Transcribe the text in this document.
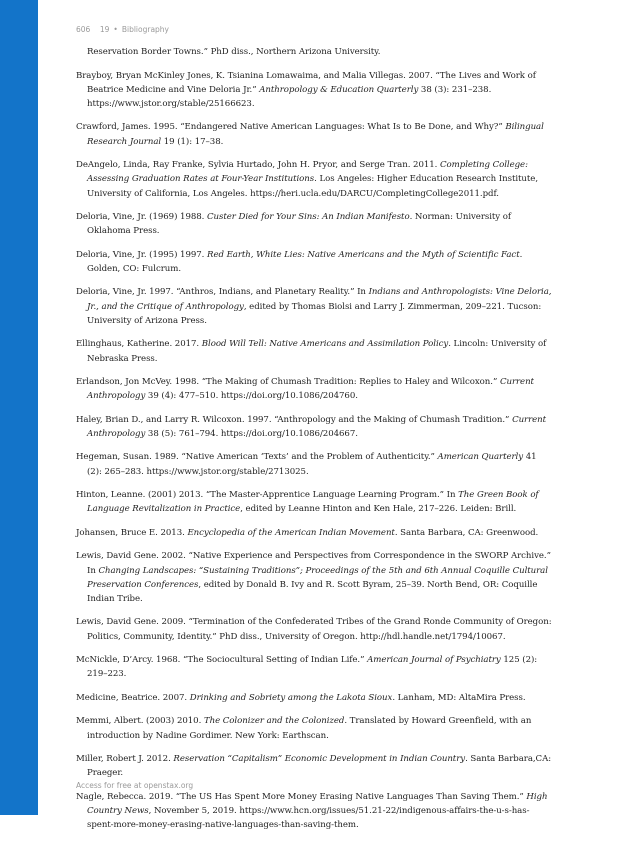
606 19 • Bibliography

Reservation Border Towns.” PhD diss., Northern Arizona University.

Brayboy, Bryan McKinley Jones, K. Tsianina Lomawaima, and Malia Villegas. 2007. “The Lives and Work of Beatrice Medicine and Vine Deloria Jr.” Anthropology & Education Quarterly 38 (3): 231–238. https://www.jstor.org/stable/25166623.

Crawford, James. 1995. “Endangered Native American Languages: What Is to Be Done, and Why?” Bilingual Research Journal 19 (1): 17–38.

DeAngelo, Linda, Ray Franke, Sylvia Hurtado, John H. Pryor, and Serge Tran. 2011. Completing College: Assessing Graduation Rates at Four-Year Institutions. Los Angeles: Higher Education Research Institute, University of California, Los Angeles. https://heri.ucla.edu/DARCU/CompletingCollege2011.pdf.

Deloria, Vine, Jr. (1969) 1988. Custer Died for Your Sins: An Indian Manifesto. Norman: University of Oklahoma Press.

Deloria, Vine, Jr. (1995) 1997. Red Earth, White Lies: Native Americans and the Myth of Scientific Fact. Golden, CO: Fulcrum.

Deloria, Vine, Jr. 1997. “Anthros, Indians, and Planetary Reality.” In Indians and Anthropologists: Vine Deloria, Jr., and the Critique of Anthropology, edited by Thomas Biolsi and Larry J. Zimmerman, 209–221. Tucson: University of Arizona Press.

Ellinghaus, Katherine. 2017. Blood Will Tell: Native Americans and Assimilation Policy. Lincoln: University of Nebraska Press.

Erlandson, Jon McVey. 1998. “The Making of Chumash Tradition: Replies to Haley and Wilcoxon.” Current Anthropology 39 (4): 477–510. https://doi.org/10.1086/204760.

Haley, Brian D., and Larry R. Wilcoxon. 1997. “Anthropology and the Making of Chumash Tradition.” Current Anthropology 38 (5): 761–794. https://doi.org/10.1086/204667.

Hegeman, Susan. 1989. “Native American ‘Texts’ and the Problem of Authenticity.” American Quarterly 41 (2): 265–283. https://www.jstor.org/stable/2713025.

Hinton, Leanne. (2001) 2013. “The Master-Apprentice Language Learning Program.” In The Green Book of Language Revitalization in Practice, edited by Leanne Hinton and Ken Hale, 217–226. Leiden: Brill.

Johansen, Bruce E. 2013. Encyclopedia of the American Indian Movement. Santa Barbara, CA: Greenwood.

Lewis, David Gene. 2002. “Native Experience and Perspectives from Correspondence in the SWORP Archive.” In Changing Landscapes: “Sustaining Traditions”; Proceedings of the 5th and 6th Annual Coquille Cultural Preservation Conferences, edited by Donald B. Ivy and R. Scott Byram, 25–39. North Bend, OR: Coquille Indian Tribe.

Lewis, David Gene. 2009. “Termination of the Confederated Tribes of the Grand Ronde Community of Oregon: Politics, Community, Identity.” PhD diss., University of Oregon. http://hdl.handle.net/1794/10067.

McNickle, D’Arcy. 1968. “The Sociocultural Setting of Indian Life.” American Journal of Psychiatry 125 (2): 219–223.

Medicine, Beatrice. 2007. Drinking and Sobriety among the Lakota Sioux. Lanham, MD: AltaMira Press.

Memmi, Albert. (2003) 2010. The Colonizer and the Colonized. Translated by Howard Greenfield, with an introduction by Nadine Gordimer. New York: Earthscan.

Miller, Robert J. 2012. Reservation “Capitalism” Economic Development in Indian Country. Santa Barbara,CA: Praeger.

Nagle, Rebecca. 2019. “The US Has Spent More Money Erasing Native Languages Than Saving Them.” High Country News, November 5, 2019. https://www.hcn.org/issues/51.21-22/indigenous-affairs-the-u-s-has-spent-more-money-erasing-native-languages-than-saving-them.

Access for free at openstax.org
